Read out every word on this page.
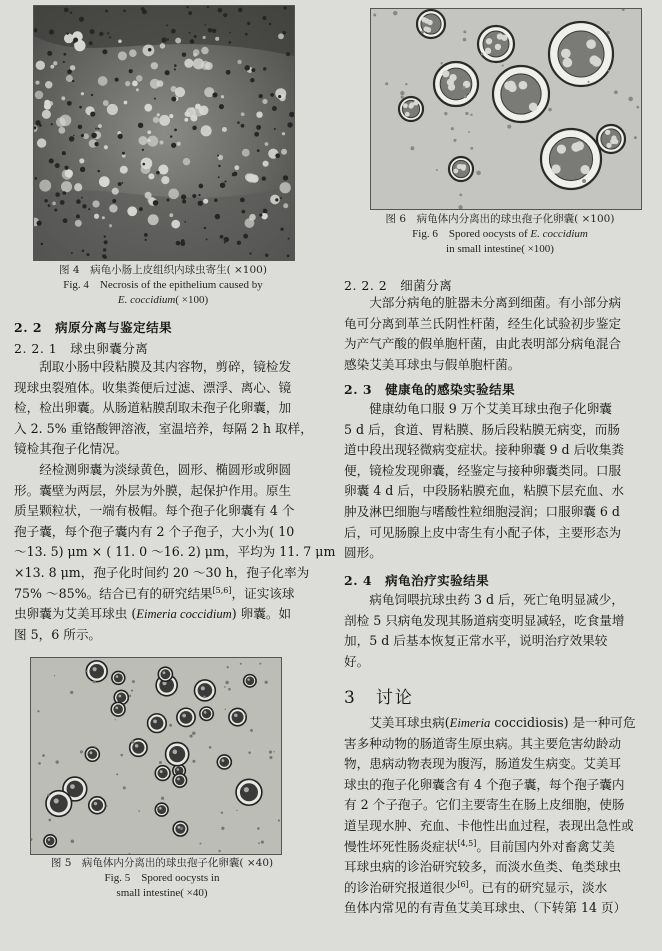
图 4　病龟小肠上皮组织内球虫寄生( ×100)
Fig. 4　Necrosis of the epithelium caused by
E. coccidium( ×100)
图 6　病龟体内分离出的球虫孢子化卵囊( ×100)
Fig. 6　Spored oocysts of E. coccidium
in small intestine( ×100)
2. 2　病原分离与鉴定结果
2. 2. 1　球虫卵囊分离
　　刮取小肠中段粘膜及其内容物，剪碎，镜检发
现球虫裂殖体。收集粪便后过滤、漂浮、离心、镜
检，检出卵囊。从肠道粘膜刮取未孢子化卵囊，加
入 2. 5% 重铬酸钾溶液，室温培养，每隔 2 h 取样，
镜检其孢子化情况。
　　经检测卵囊为淡绿黄色，圆形、椭圆形或卵圆
形。囊壁为两层，外层为外膜，起保护作用。原生
质呈颗粒状，一端有极帽。每个孢子化卵囊有 4 个
孢子囊，每个孢子囊内有 2 个子孢子，大小为( 10
～13. 5) μm × ( 11. 0 ～16. 2) μm，平均为 11. 7 μm
×13. 8 μm，孢子化时间约 20 ～30 h，孢子化率为
75% ～85%。结合已有的研究结果[5,6]，证实该球
虫卵囊为艾美耳球虫 (Eimeria coccidium) 卵囊。如
图 5，6 所示。
图 5　病龟体内分离出的球虫孢子化卵囊( ×40)
Fig. 5　Spored oocysts in
small intestine( ×40)
2. 2. 2　细菌分离
　　大部分病龟的脏器未分离到细菌。有小部分病
龟可分离到革兰氏阴性杆菌，经生化试验初步鉴定
为产气产酸的假单胞杆菌，由此表明部分病龟混合
感染艾美耳球虫与假单胞杆菌。
2. 3　健康龟的感染实验结果
　　健康幼龟口服 9 万个艾美耳球虫孢子化卵囊
5 d 后，食道、胃粘膜、肠后段粘膜无病变，而肠
道中段出现轻微病变症状。接种卵囊 9 d 后收集粪
便，镜检发现卵囊，经鉴定与接种卵囊类同。口服
卵囊 4 d 后，中段肠粘膜充血，粘膜下层充血、水
肿及淋巴细胞与嗜酸性粒细胞浸润；口服卵囊 6 d
后，可见肠腺上皮中寄生有小配子体，主要形态为
圆形。
2. 4　病龟治疗实验结果
　　病龟饲喂抗球虫药 3 d 后，死亡龟明显减少，
剖检 5 只病龟发现其肠道病变明显减轻，吃食量增
加，5 d 后基本恢复正常水平，说明治疗效果较
好。
3　讨论
　　艾美耳球虫病(Eimeria coccidiosis) 是一种可危
害多种动物的肠道寄生原虫病。其主要危害幼龄动
物，患病动物表现为腹泻，肠道发生病变。艾美耳
球虫的孢子化卵囊含有 4 个孢子囊，每个孢子囊内
有 2 个子孢子。它们主要寄生在肠上皮细胞，使肠
道呈现水肿、充血、卡他性出血过程，表现出急性或
慢性坏死性肠炎症状[4,5]。目前国内外对畜禽艾美
耳球虫病的诊治研究较多，而淡水鱼类、龟类球虫
的诊治研究报道很少[6]。已有的研究显示，淡水
鱼体内常见的有青鱼艾美耳球虫、（下转第 14 页）
